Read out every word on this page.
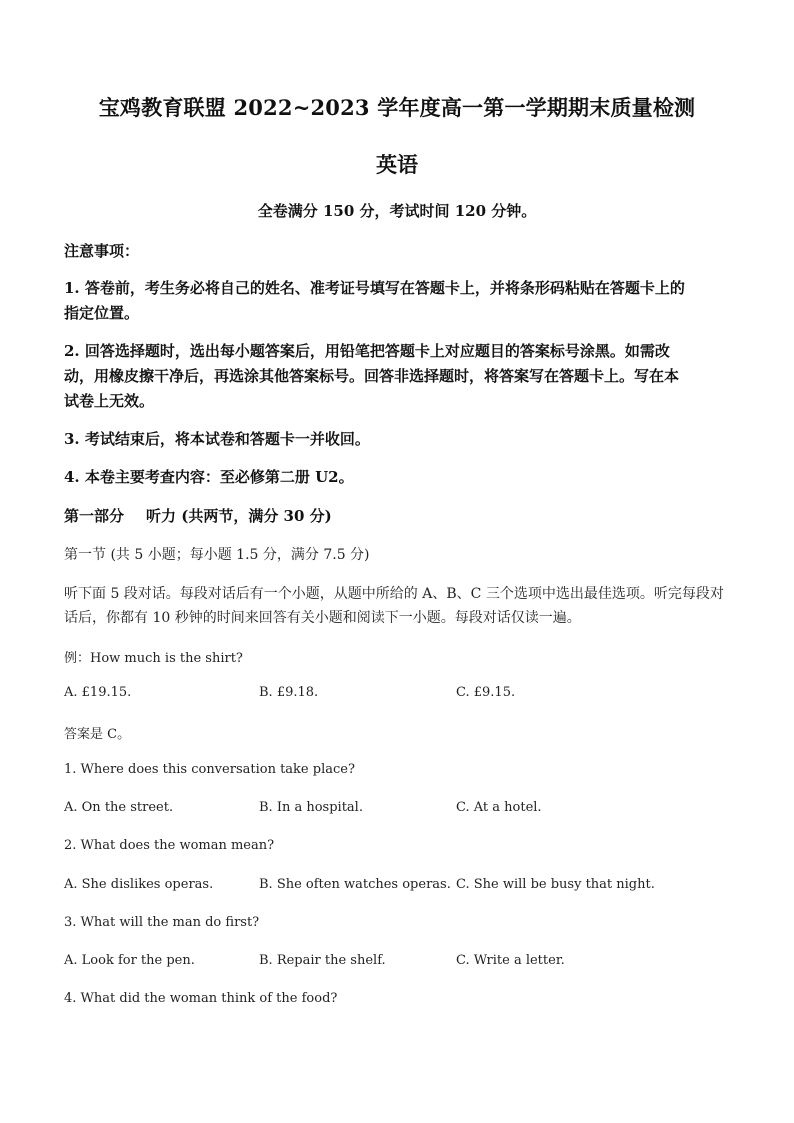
宝鸡教育联盟 2022~2023 学年度高一第一学期期末质量检测
英语
全卷满分 150 分，考试时间 120 分钟。
注意事项：
1. 答卷前，考生务必将自己的姓名、准考证号填写在答题卡上，并将条形码粘贴在答题卡上的
指定位置。
2. 回答选择题时，选出每小题答案后，用铅笔把答题卡上对应题目的答案标号涂黑。如需改
动，用橡皮擦干净后，再选涂其他答案标号。回答非选择题时，将答案写在答题卡上。写在本
试卷上无效。
3. 考试结束后，将本试卷和答题卡一并收回。
4. 本卷主要考查内容：至必修第二册 U2。
第一部分 听力 (共两节，满分 30 分)
第一节 (共 5 小题；每小题 1.5 分，满分 7.5 分)
听下面 5 段对话。每段对话后有一个小题，从题中所给的 A、B、C 三个选项中选出最佳选项。听完每段对
话后，你都有 10 秒钟的时间来回答有关小题和阅读下一小题。每段对话仅读一遍。
例：How much is the shirt?
A. £19.15.	B. £9.18.	C. £9.15.
答案是 C。
1. Where does this conversation take place?
A. On the street.	B. In a hospital.	C. At a hotel.
2. What does the woman mean?
A. She dislikes operas.	B. She often watches operas. C. She will be busy that night.
3. What will the man do first?
A. Look for the pen.	B. Repair the shelf.	C. Write a letter.
4. What did the woman think of the food?
